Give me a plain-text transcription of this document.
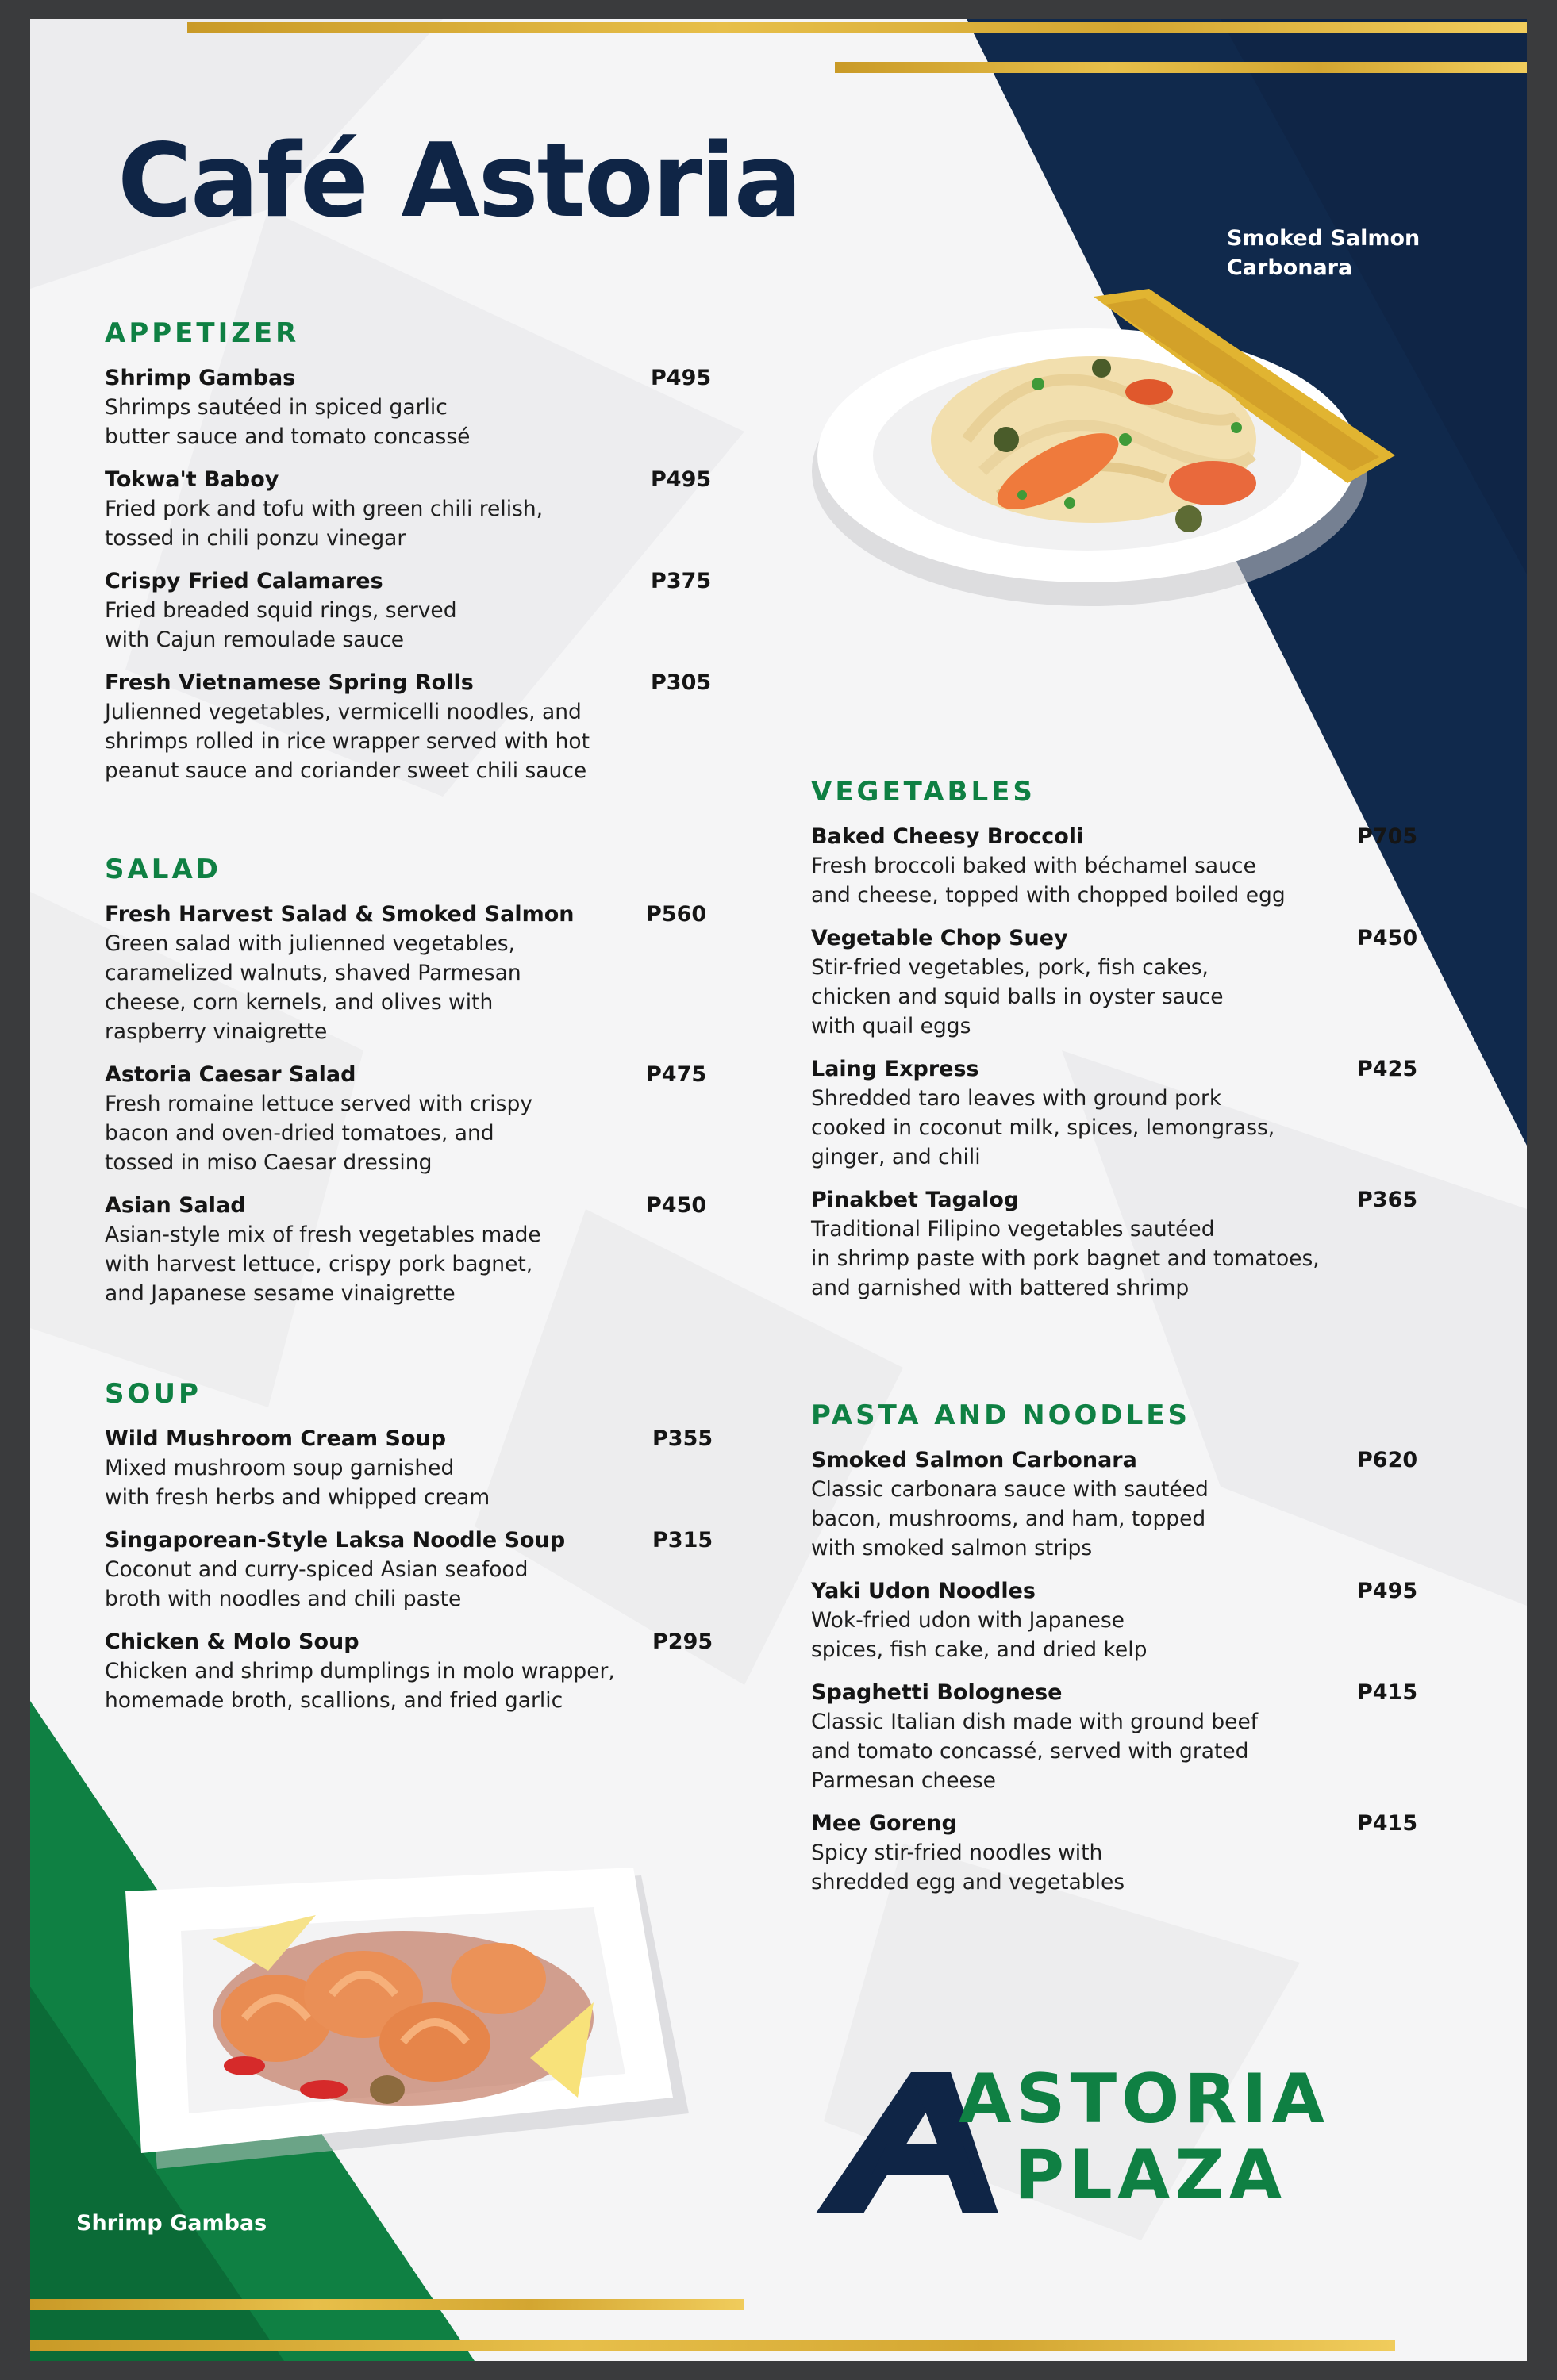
Café Astoria
APPETIZER
Shrimp Gambas
Shrimps sautéed in spiced garlic
butter sauce and tomato concassé
P495
Tokwa't Baboy
Fried pork and tofu with green chili relish,
tossed in chili ponzu vinegar
P495
Crispy Fried Calamares
Fried breaded squid rings, served
with Cajun remoulade sauce
P375
Fresh Vietnamese Spring Rolls
Julienned vegetables, vermicelli noodles, and
shrimps rolled in rice wrapper served with hot
peanut sauce and coriander sweet chili sauce
P305
SALAD
Fresh Harvest Salad & Smoked Salmon
Green salad with julienned vegetables,
caramelized walnuts, shaved Parmesan
cheese, corn kernels, and olives with
raspberry vinaigrette
P560
Astoria Caesar Salad
Fresh romaine lettuce served with crispy
bacon and oven-dried tomatoes, and
tossed in miso Caesar dressing
P475
Asian Salad
Asian-style mix of fresh vegetables made
with harvest lettuce, crispy pork bagnet,
and Japanese sesame vinaigrette
P450
SOUP
Wild Mushroom Cream Soup
Mixed mushroom soup garnished
with fresh herbs and whipped cream
P355
Singaporean-Style Laksa Noodle Soup
Coconut and curry-spiced Asian seafood
broth with noodles and chili paste
P315
Chicken & Molo Soup
Chicken and shrimp dumplings in molo wrapper,
homemade broth, scallions, and fried garlic
P295
VEGETABLES
Baked Cheesy Broccoli
Fresh broccoli baked with béchamel sauce
and cheese, topped with chopped boiled egg
P705
Vegetable Chop Suey
Stir-fried vegetables, pork, fish cakes,
chicken and squid balls in oyster sauce
with quail eggs
P450
Laing Express
Shredded taro leaves with ground pork
cooked in coconut milk, spices, lemongrass,
ginger, and chili
P425
Pinakbet Tagalog
Traditional Filipino vegetables sautéed
in shrimp paste with pork bagnet and tomatoes,
and garnished with battered shrimp
P365
PASTA AND NOODLES
Smoked Salmon Carbonara
Classic carbonara sauce with sautéed
bacon, mushrooms, and ham, topped
with smoked salmon strips
P620
Yaki Udon Noodles
Wok-fried udon with Japanese
spices, fish cake, and dried kelp
P495
Spaghetti Bolognese
Classic Italian dish made with ground beef
and tomato concassé, served with grated
Parmesan cheese
P415
Mee Goreng
Spicy stir-fried noodles with
shredded egg and vegetables
P415
Smoked Salmon
Carbonara
Shrimp Gambas
ASTORIA
PLAZA
